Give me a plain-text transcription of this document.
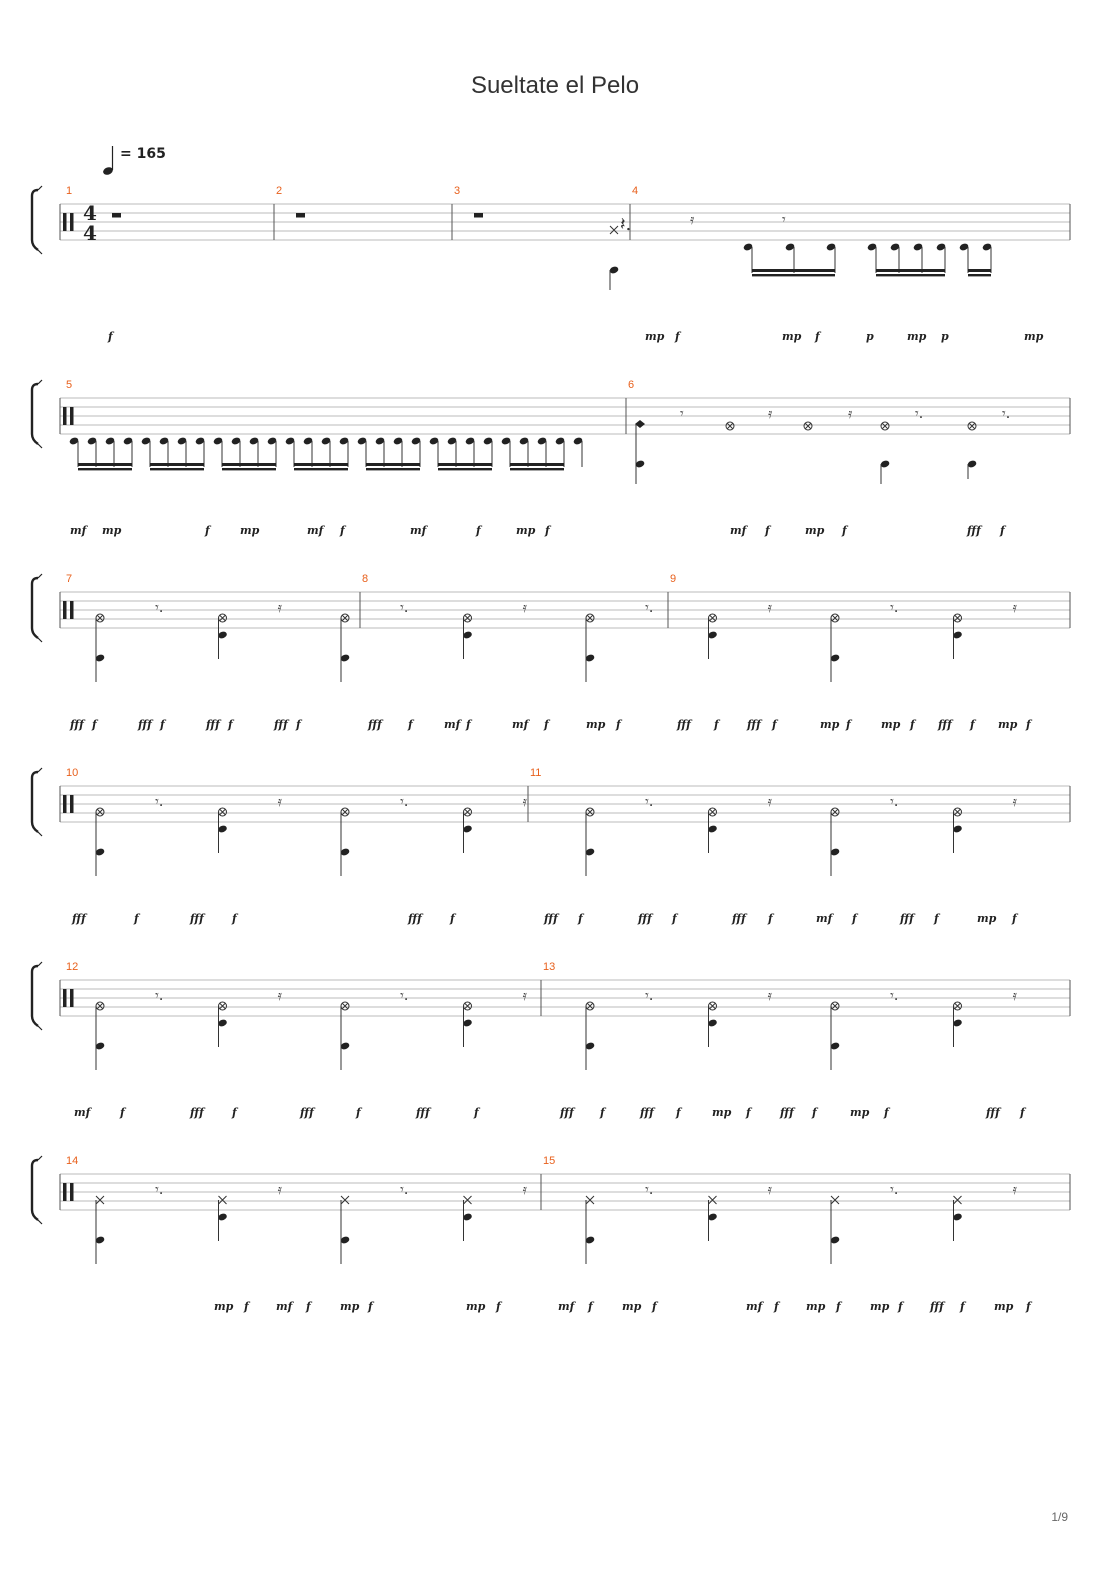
Sueltate el Pelo
= 165
4
4
1	2	3	4
𝄽.	𝄿	𝄾
f	mp f	mp f	p	mp p	mp
5	6
𝄾	𝄿	𝄿	𝄾.	𝄾.
mf mp	f	mp	mf f	mf	f	mp f	mf f	mp f	fff f
7	8	9
𝄾.	𝄿	𝄾.	𝄿	𝄾.	𝄿	𝄾.	𝄿
fff f	fff f	fff f	fff f	fff f	mf f	mf f	mp f	fff f	fff f	mp f	mp f fff f mp f
10	11
𝄾.	𝄿	𝄾.	𝄿	𝄾.	𝄿	𝄾.	𝄿
fff	f	fff	f	fff	f	fff f	fff f	fff f	mf f	fff f	mp f
12	13
𝄾.	𝄿	𝄾.	𝄿	𝄾.	𝄿	𝄾.	𝄿
mf	f	fff	f	fff	f	fff	f	fff f	fff f	mp f	fff f	mp f	fff f
14	15
𝄾.	𝄿	𝄾.	𝄿	𝄾.	𝄿	𝄾.	𝄿
mp f mf f	mp f	mp f	mf f	mp f	mf f mp f	mp f fff f	mp f
1/9
